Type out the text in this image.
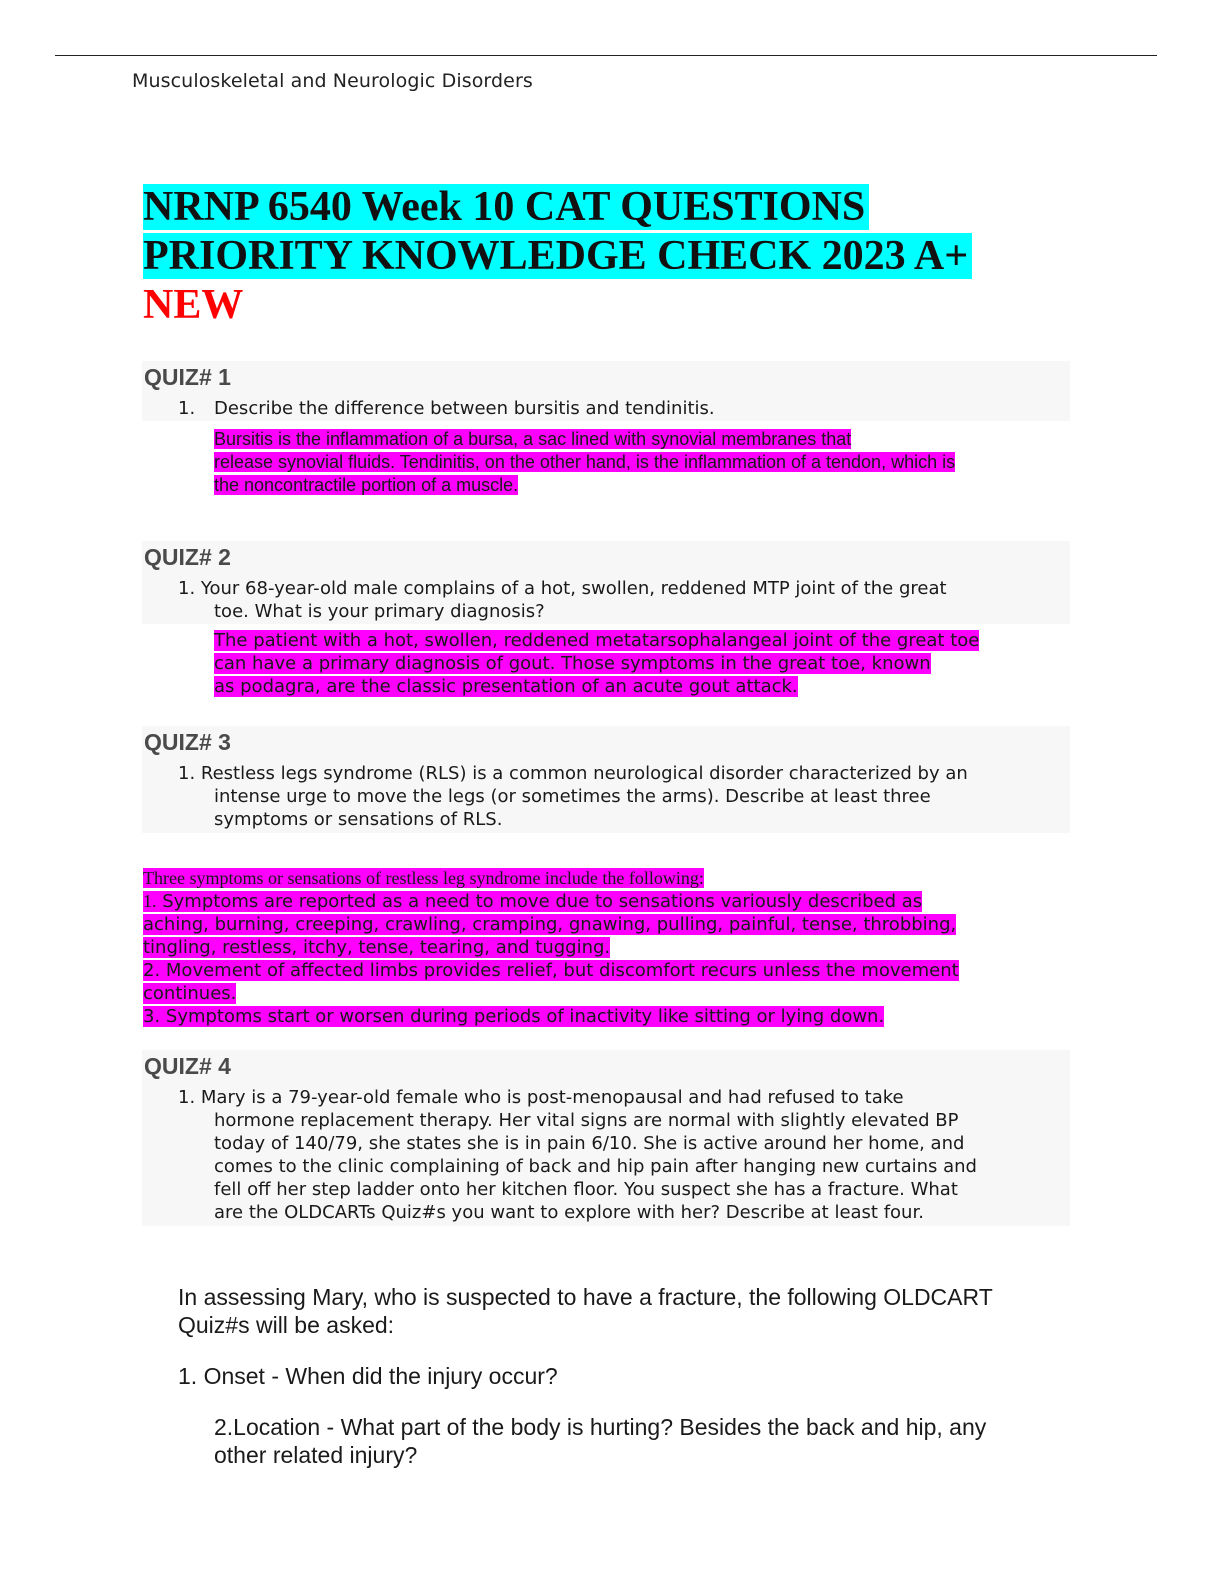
Musculoskeletal and Neurologic Disorders
NRNP 6540 Week 10 CAT QUESTIONS
PRIORITY KNOWLEDGE CHECK 2023 A+
NEW
QUIZ# 1
1. Describe the difference between bursitis and tendinitis.
Bursitis is the inflammation of a bursa, a sac lined with synovial membranes that
release synovial fluids. Tendinitis, on the other hand, is the inflammation of a tendon, which is
the noncontractile portion of a muscle.
QUIZ# 2
1. Your 68-year-old male complains of a hot, swollen, reddened MTP joint of the great
toe. What is your primary diagnosis?
The patient with a hot, swollen, reddened metatarsophalangeal joint of the great toe
can have a primary diagnosis of gout. Those symptoms in the great toe, known
as podagra, are the classic presentation of an acute gout attack.
QUIZ# 3
1. Restless legs syndrome (RLS) is a common neurological disorder characterized by an
intense urge to move the legs (or sometimes the arms). Describe at least three
symptoms or sensations of RLS.
Three symptoms or sensations of restless leg syndrome include the following:
1. Symptoms are reported as a need to move due to sensations variously described as
aching, burning, creeping, crawling, cramping, gnawing, pulling, painful, tense, throbbing,
tingling, restless, itchy, tense, tearing, and tugging.
2. Movement of affected limbs provides relief, but discomfort recurs unless the movement
continues.
3. Symptoms start or worsen during periods of inactivity like sitting or lying down.
QUIZ# 4
1. Mary is a 79-year-old female who is post-menopausal and had refused to take
hormone replacement therapy. Her vital signs are normal with slightly elevated BP
today of 140/79, she states she is in pain 6/10. She is active around her home, and
comes to the clinic complaining of back and hip pain after hanging new curtains and
fell off her step ladder onto her kitchen floor. You suspect she has a fracture. What
are the OLDCARTs Quiz#s you want to explore with her? Describe at least four.
In assessing Mary, who is suspected to have a fracture, the following OLDCART
Quiz#s will be asked:
1. Onset - When did the injury occur?
2.Location - What part of the body is hurting? Besides the back and hip, any
other related injury?
